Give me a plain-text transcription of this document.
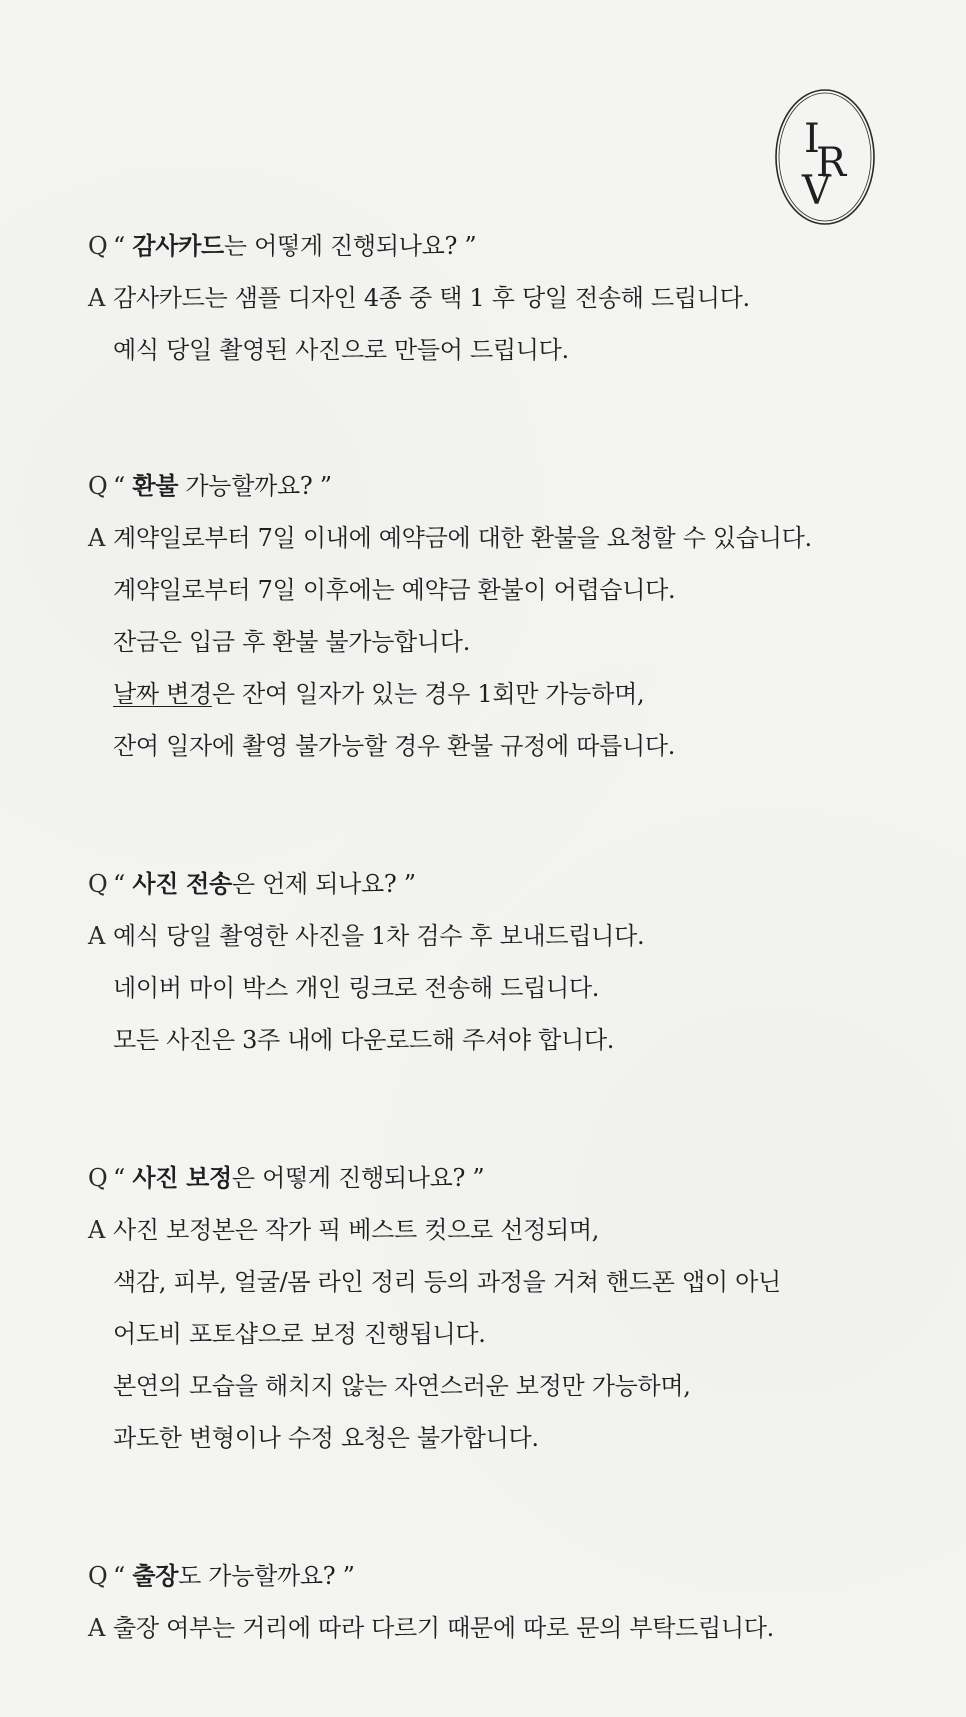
I
R
V
Q “ 감사카드는 어떻게 진행되나요? ”
A 감사카드는 샘플 디자인 4종 중 택 1 후 당일 전송해 드립니다.
예식 당일 촬영된 사진으로 만들어 드립니다.
Q “ 환불 가능할까요? ”
A 계약일로부터 7일 이내에 예약금에 대한 환불을 요청할 수 있습니다.
계약일로부터 7일 이후에는 예약금 환불이 어렵습니다.
잔금은 입금 후 환불 불가능합니다.
날짜 변경은 잔여 일자가 있는 경우 1회만 가능하며,
잔여 일자에 촬영 불가능할 경우 환불 규정에 따릅니다.
Q “ 사진 전송은 언제 되나요? ”
A 예식 당일 촬영한 사진을 1차 검수 후 보내드립니다.
네이버 마이 박스 개인 링크로 전송해 드립니다.
모든 사진은 3주 내에 다운로드해 주셔야 합니다.
Q “ 사진 보정은 어떻게 진행되나요? ”
A 사진 보정본은 작가 픽 베스트 컷으로 선정되며,
색감, 피부, 얼굴/몸 라인 정리 등의 과정을 거쳐 핸드폰 앱이 아닌
어도비 포토샵으로 보정 진행됩니다.
본연의 모습을 해치지 않는 자연스러운 보정만 가능하며,
과도한 변형이나 수정 요청은 불가합니다.
Q “ 출장도 가능할까요? ”
A 출장 여부는 거리에 따라 다르기 때문에 따로 문의 부탁드립니다.
